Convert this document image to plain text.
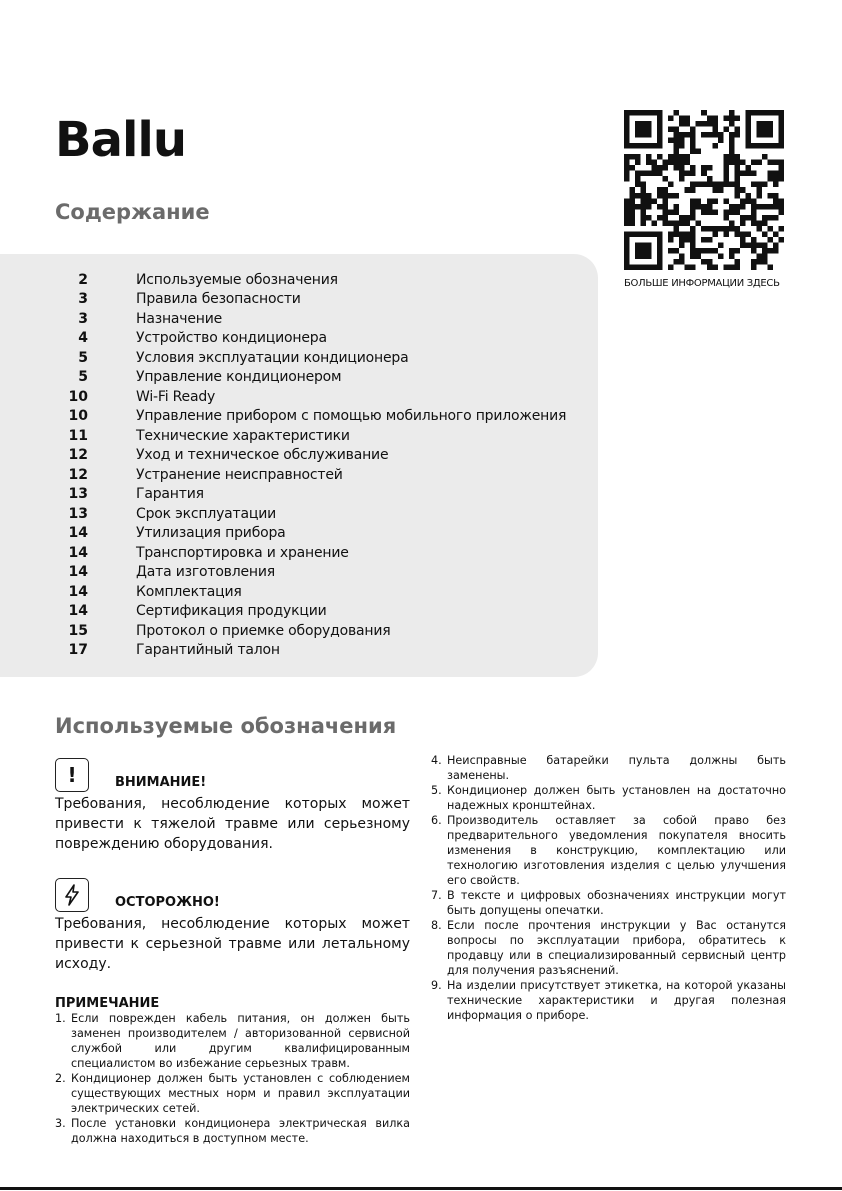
Ballu
Содержание
БОЛЬШЕ ИНФОРМАЦИИ ЗДЕСЬ
2	Используемые обозначения
3	Правила безопасности
3	Назначение
4	Устройство кондиционера
5	Условия эксплуатации кондиционера
5	Управление кондиционером
10	Wi-Fi Ready
10	Управление прибором с помощью мобильного приложения
11	Технические характеристики
12	Уход и техническое обслуживание
12	Устранение неисправностей
13	Гарантия
13	Срок эксплуатации
14	Утилизация прибора
14	Транспортировка и хранение
14	Дата изготовления
14	Комплектация
14	Сертификация продукции
15	Протокол о приемке оборудования
17	Гарантийный талон
Используемые обозначения
!	ВНИМАНИЕ!

Требования, несоблюдение которых может привести к тяжелой травме или серьезному повреждению оборудования.

ОСТОРОЖНО!

Требования, несоблюдение которых может привести к серьезной травме или летальному исходу.

ПРИМЕЧАНИЕ

1. Если поврежден кабель питания, он должен быть заменен производителем / авторизованной сервисной службой или другим квалифицированным специалистом во избежание серьезных травм.
2. Кондиционер должен быть установлен с соблюдением существующих местных норм и правил эксплуатации электрических сетей.
3. После установки кондиционера электрическая вилка должна находиться в доступном месте.
4. Неисправные батарейки пульта должны быть заменены.
5. Кондиционер должен быть установлен на достаточно надежных кронштейнах.
6. Производитель оставляет за собой право без предварительного уведомления покупателя вносить изменения в конструкцию, комплектацию или технологию изготовления изделия с целью улучшения его свойств.
7. В тексте и цифровых обозначениях инструкции могут быть допущены опечатки.
8. Если после прочтения инструкции у Вас останутся вопросы по эксплуатации прибора, обратитесь к продавцу или в специализированный сервисный центр для получения разъяснений.
9. На изделии присутствует этикетка, на которой указаны технические характеристики и другая полезная информация о приборе.
